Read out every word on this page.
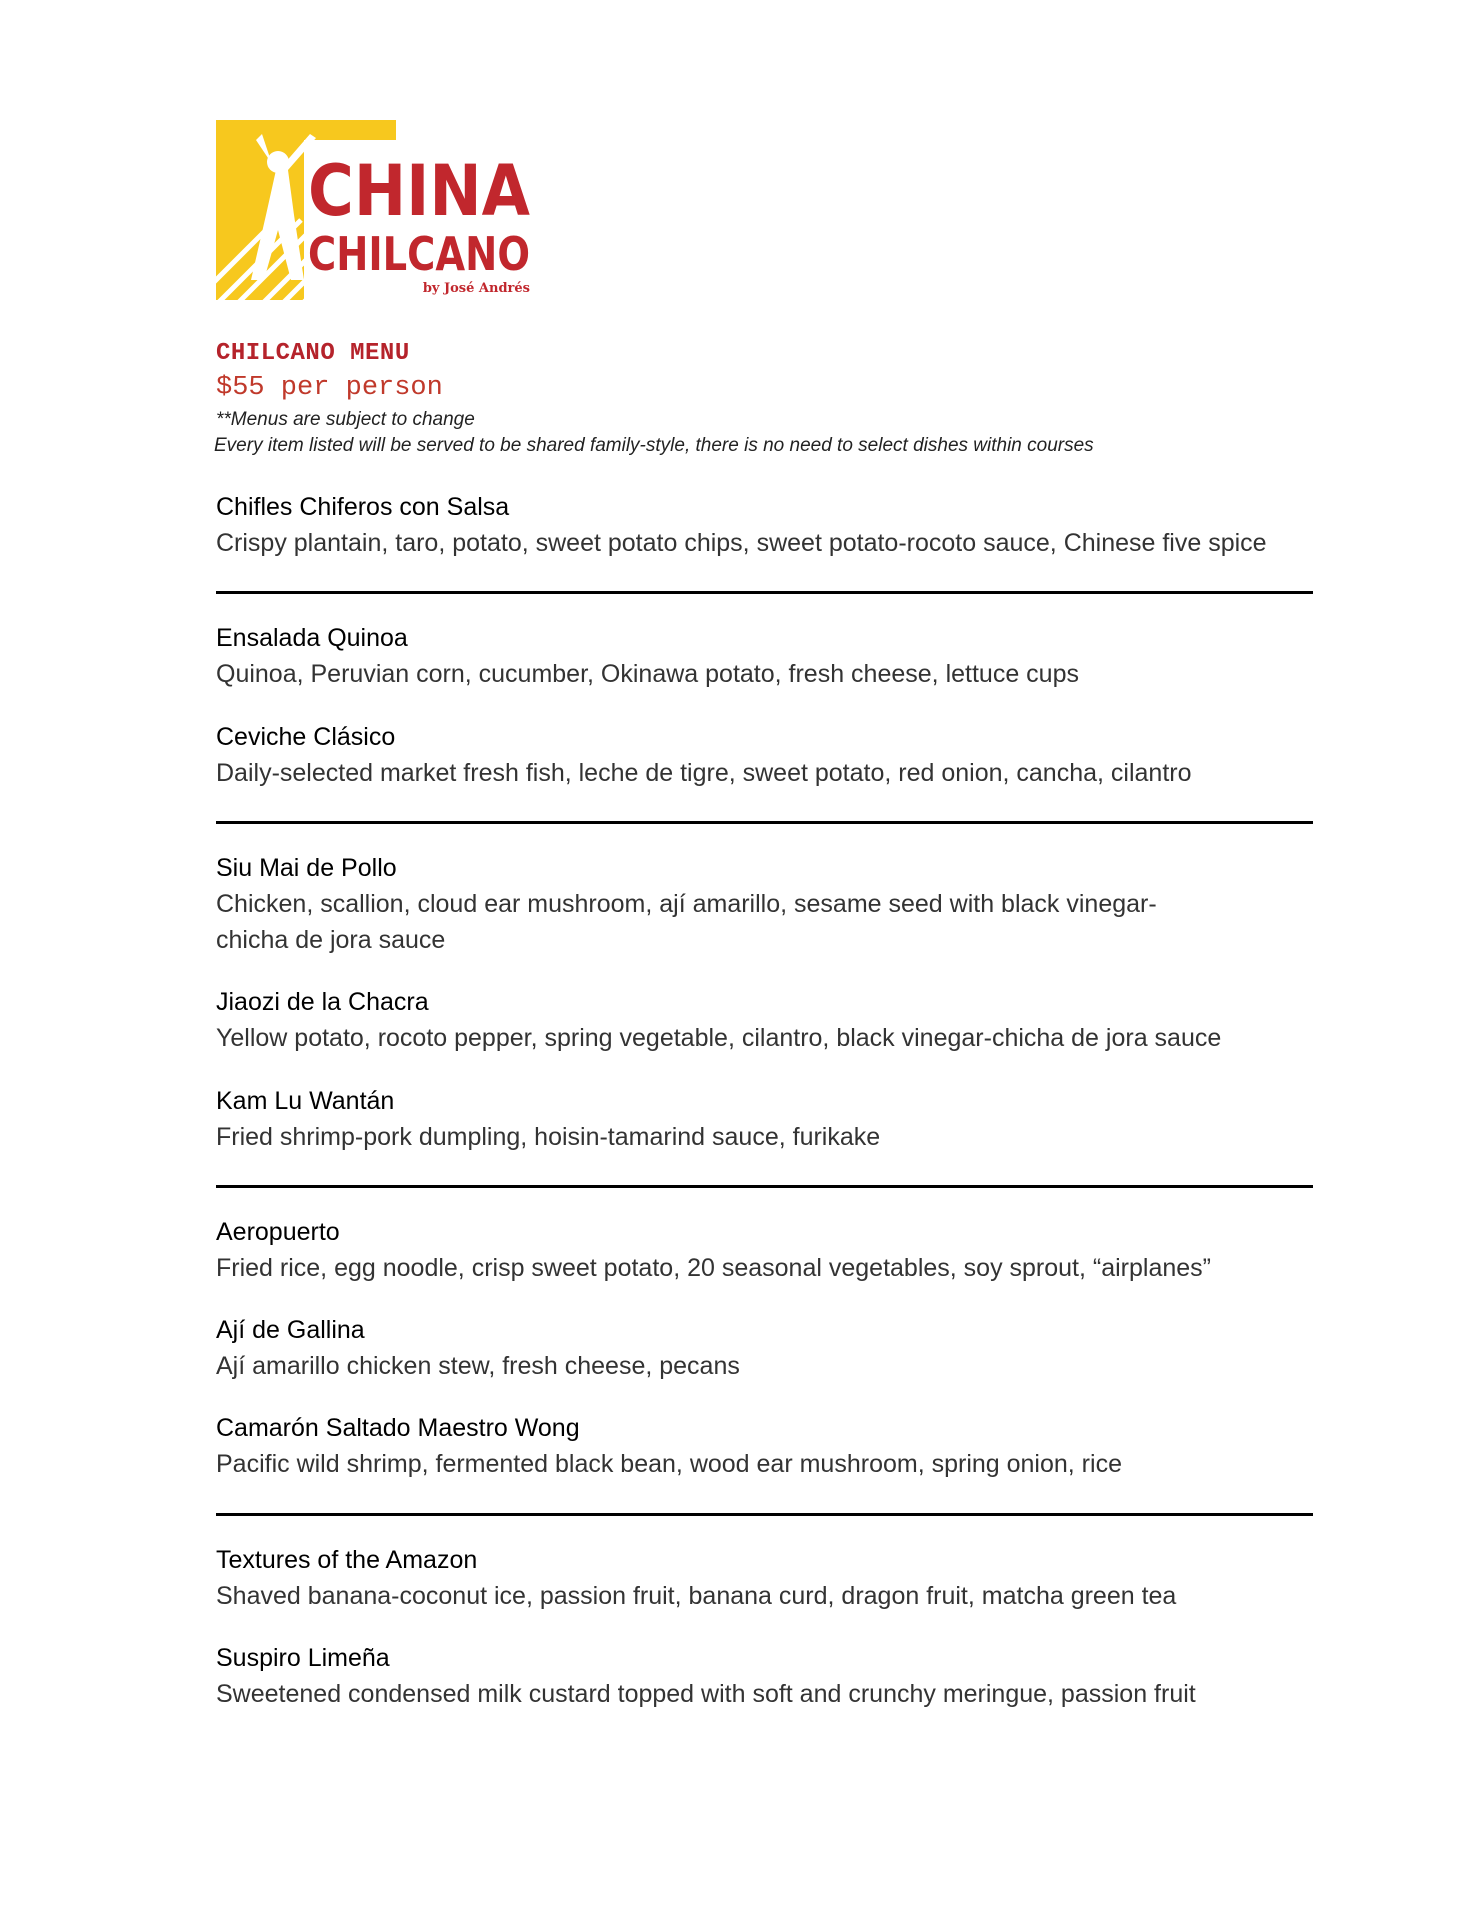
CHINA
CHILCANO
by José Andrés
CHILCANO MENU
$55 per person
**Menus are subject to change
Every item listed will be served to be shared family-style, there is no need to select dishes within courses
Chifles Chiferos con Salsa
Crispy plantain, taro, potato, sweet potato chips, sweet potato-rocoto sauce, Chinese five spice
Ensalada Quinoa
Quinoa, Peruvian corn, cucumber, Okinawa potato, fresh cheese, lettuce cups
Ceviche Clásico
Daily-selected market fresh fish, leche de tigre, sweet potato, red onion, cancha, cilantro
Siu Mai de Pollo
Chicken, scallion, cloud ear mushroom, ají amarillo, sesame seed with black vinegar-chicha de jora sauce
Jiaozi de la Chacra
Yellow potato, rocoto pepper, spring vegetable, cilantro, black vinegar-chicha de jora sauce
Kam Lu Wantán
Fried shrimp-pork dumpling, hoisin-tamarind sauce, furikake
Aeropuerto
Fried rice, egg noodle, crisp sweet potato, 20 seasonal vegetables, soy sprout, “airplanes”
Ají de Gallina
Ají amarillo chicken stew, fresh cheese, pecans
Camarón Saltado Maestro Wong
Pacific wild shrimp, fermented black bean, wood ear mushroom, spring onion, rice
Textures of the Amazon
Shaved banana-coconut ice, passion fruit, banana curd, dragon fruit, matcha green tea
Suspiro Limeña
Sweetened condensed milk custard topped with soft and crunchy meringue, passion fruit
